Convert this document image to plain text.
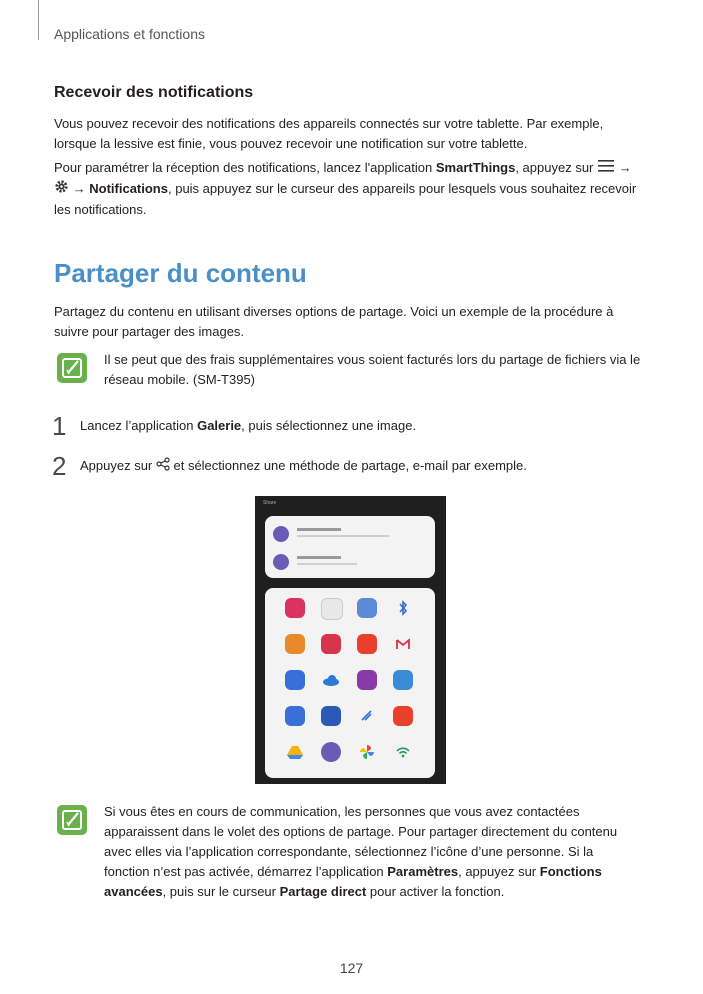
Applications et fonctions
Recevoir des notifications
Vous pouvez recevoir des notifications des appareils connectés sur votre tablette. Par exemple,
lorsque la lessive est finie, vous pouvez recevoir une notification sur votre tablette.
Pour paramétrer la réception des notifications, lancez l'application SmartThings, appuyez sur  →
→ Notifications, puis appuyez sur le curseur des appareils pour lesquels vous souhaitez recevoir
les notifications.
Partager du contenu
Partagez du contenu en utilisant diverses options de partage. Voici un exemple de la procédure à
suivre pour partager des images.
Il se peut que des frais supplémentaires vous soient facturés lors du partage de fichiers via le
réseau mobile. (SM-T395)
1 Lancez l’application Galerie, puis sélectionnez une image.
2 Appuyez sur  et sélectionnez une méthode de partage, e-mail par exemple.
Share
Si vous êtes en cours de communication, les personnes que vous avez contactées
apparaissent dans le volet des options de partage. Pour partager directement du contenu
avec elles via l’application correspondante, sélectionnez l’icône d’une personne. Si la
fonction n’est pas activée, démarrez l’application Paramètres, appuyez sur Fonctions
avancées, puis sur le curseur Partage direct pour activer la fonction.
127
